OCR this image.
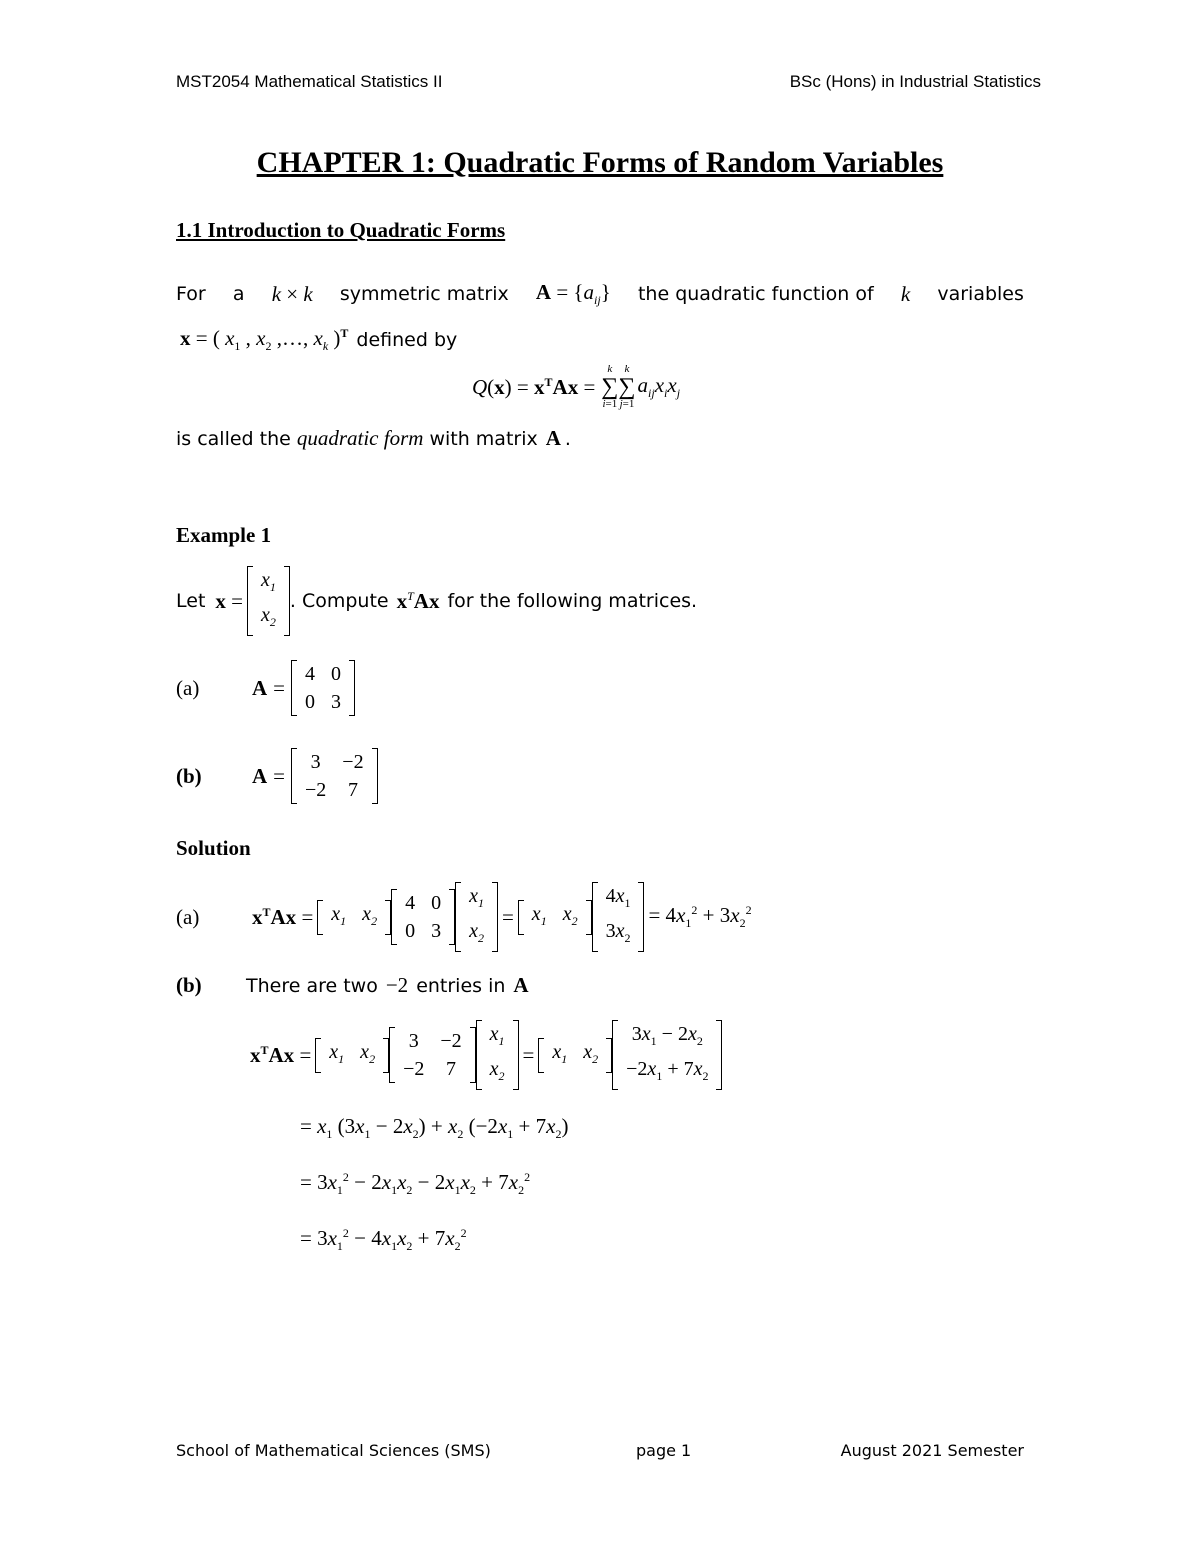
MST2054 Mathematical Statistics II	BSc (Hons) in Industrial Statistics
CHAPTER 1: Quadratic Forms of Random Variables
1.1 Introduction to Quadratic Forms
For a k × k symmetric matrix $A = \{a_{ij}\}$ the quadratic function of k variables
x = ( $x_1$ , $x_2$ ,…, $x_k$ )$^T$ defined by
$Q(x) = x^TAx$ =
k
∑
i=1
k
∑
j=1
$a_{ij}x_ix_j$
is called the quadratic form with matrix A .
Example 1
Let x =
$x_1$
$x_2$
. Compute $x^TAx$ for the following matrices.
(a)	A =
4	0
0	3
(b)	A =
3	−2
−2	7
Solution
(a)	$x^TAx = x_1$	$x_2$
4	0
0	3
$x_1$
$x_2$
= $x_1$	$x_2$
$4x_1$
$3x_2$
= $4x_1^2 + 3x_2^2$
(b)	There are two −2 entries in A
$x^TAx = x_1$	$x_2$
3	−2
−2	7
$x_1$
$x_2$
= $x_1$	$x_2$
$3x_1 - 2x_2$
$-2x_1 + 7x_2$
= $x_1$ $(3x_1 - 2x_2) + x_2$ $(-2x_1 + 7x_2)$
= $3x_1^2 - 2x_1x_2 - 2x_1x_2 + 7x_2^2$
= $3x_1^2 - 4x_1x_2 + 7x_2^2$
School of Mathematical Sciences (SMS)	page 1	August 2021 Semester
